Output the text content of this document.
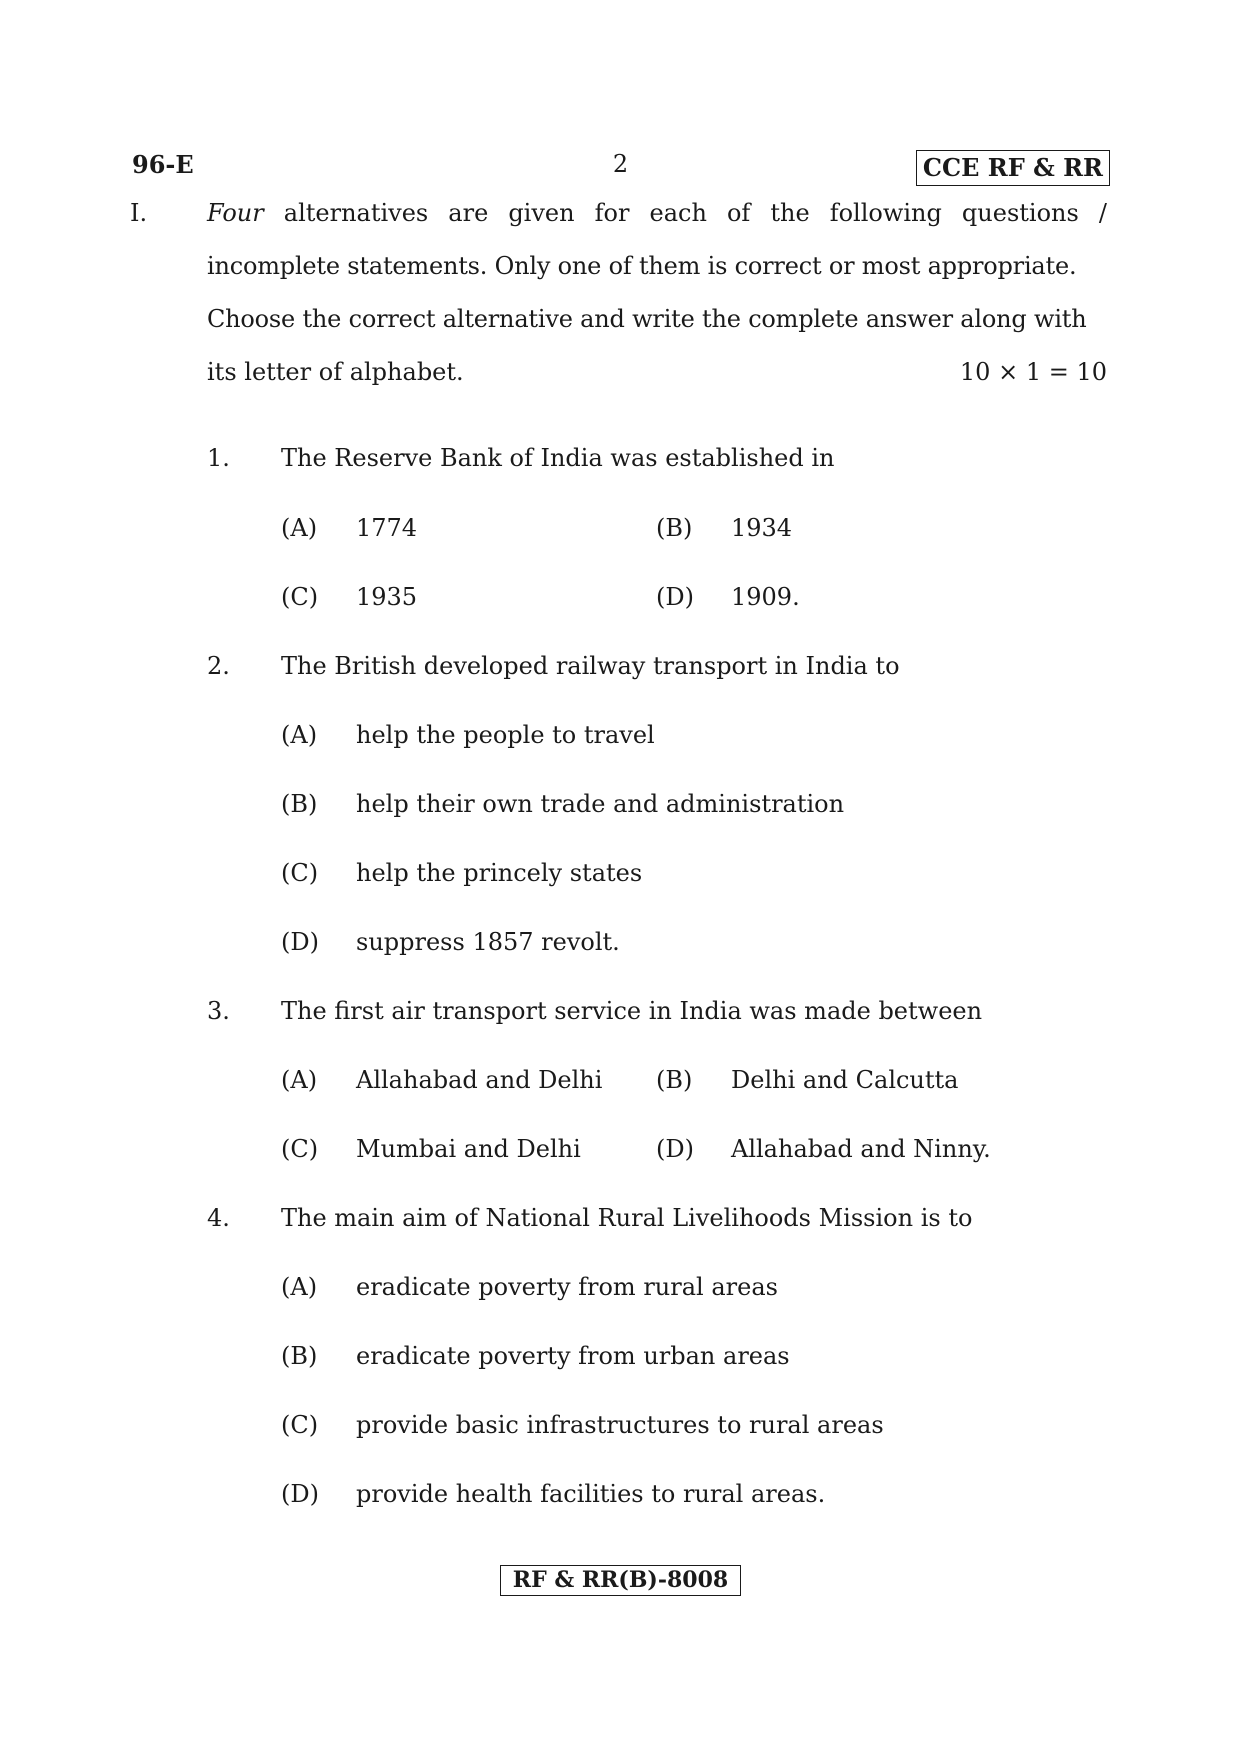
96-E	2	CCE RF & RR
I. Four alternatives are given for each of the following questions /
incomplete statements. Only one of them is correct or most appropriate.
Choose the correct alternative and write the complete answer along with
its letter of alphabet.	10 × 1 = 10
1. The Reserve Bank of India was established in
(A) 1774	(B) 1934
(C) 1935	(D) 1909.
2. The British developed railway transport in India to
(A) help the people to travel
(B) help their own trade and administration
(C) help the princely states
(D) suppress 1857 revolt.
3. The first air transport service in India was made between
(A) Allahabad and Delhi (B) Delhi and Calcutta
(C) Mumbai and Delhi	(D) Allahabad and Ninny.
4. The main aim of National Rural Livelihoods Mission is to
(A) eradicate poverty from rural areas
(B) eradicate poverty from urban areas
(C) provide basic infrastructures to rural areas
(D) provide health facilities to rural areas.
RF & RR(B)-8008
